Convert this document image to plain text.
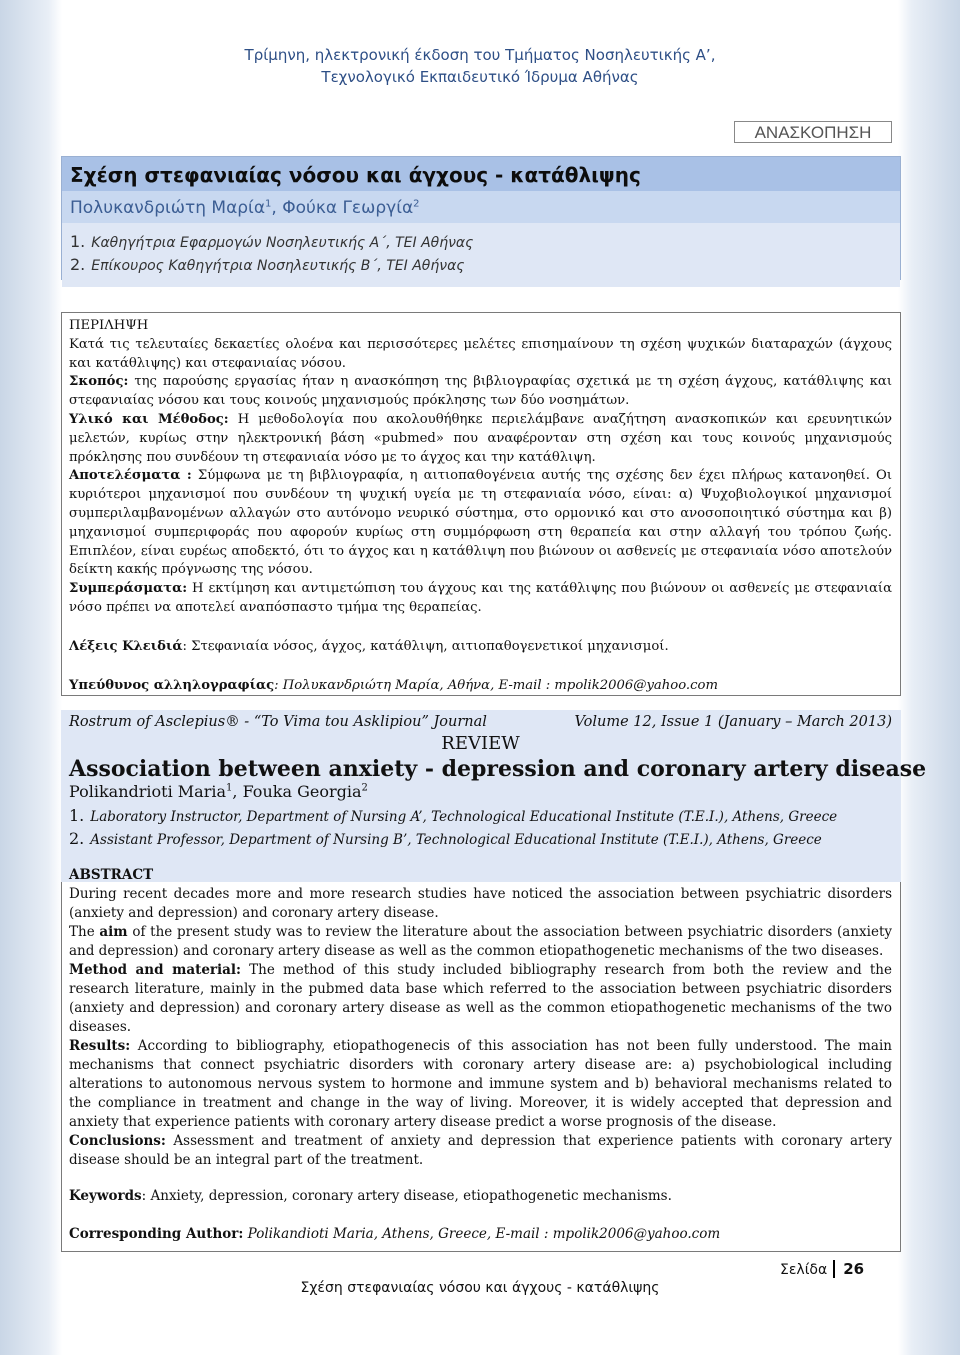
Τρίμηνη, ηλεκτρονική έκδοση του Τμήματος Νοσηλευτικής Α’,
Τεχνολογικό Εκπαιδευτικό Ίδρυμα Αθήνας
ΑΝΑΣΚΟΠΗΣΗ
Σχέση στεφανιαίας νόσου και άγχους - κατάθλιψης
Πολυκανδριώτη Μαρία$^1$, Φούκα Γεωργία$^2$
1. Καθηγήτρια Εφαρμογών Νοσηλευτικής Α΄, ΤΕΙ Αθήνας
2. Επίκουρος Καθηγήτρια Νοσηλευτικής Β΄, ΤΕΙ Αθήνας

ΠΕΡΙΛΗΨΗ

Κατά τις τελευταίες δεκαετίες ολοένα και περισσότερες μελέτες επισημαίνουν τη σχέση ψυχικών διαταραχών (άγχους και κατάθλιψης) και στεφανιαίας νόσου.

Σκοπός: της παρούσης εργασίας ήταν η ανασκόπηση της βιβλιογραφίας σχετικά με τη σχέση άγχους, κατάθλιψης και στεφανιαίας νόσου και τους κοινούς μηχανισμούς πρόκλησης των δύο νοσημάτων.

Υλικό και Μέθοδος: Η μεθοδολογία που ακολουθήθηκε περιελάμβανε αναζήτηση ανασκοπικών και ερευνητικών μελετών, κυρίως στην ηλεκτρονική βάση «pubmed» που αναφέρονταν στη σχέση και τους κοινούς μηχανισμούς πρόκλησης που συνδέουν τη στεφανιαία νόσο με το άγχος και την κατάθλιψη.

Αποτελέσματα : Σύμφωνα με τη βιβλιογραφία, η αιτιοπαθογένεια αυτής της σχέσης δεν έχει πλήρως κατανοηθεί. Οι κυριότεροι μηχανισμοί που συνδέουν τη ψυχική υγεία με τη στεφανιαία νόσο, είναι: α) Ψυχοβιολογικοί μηχανισμοί συμπεριλαμβανομένων αλλαγών στο αυτόνομο νευρικό σύστημα, στο ορμονικό και στο ανοσοποιητικό σύστημα και β) μηχανισμοί συμπεριφοράς που αφορούν κυρίως στη συμμόρφωση στη θεραπεία και στην αλλαγή του τρόπου ζωής. Επιπλέον, είναι ευρέως αποδεκτό, ότι το άγχος και η κατάθλιψη που βιώνουν οι ασθενείς με στεφανιαία νόσο αποτελούν δείκτη κακής πρόγνωσης της νόσου.

Συμπεράσματα: Η εκτίμηση και αντιμετώπιση του άγχους και της κατάθλιψης που βιώνουν οι ασθενείς με στεφανιαία νόσο πρέπει να αποτελεί αναπόσπαστο τμήμα της θεραπείας.

Λέξεις Κλειδιά: Στεφανιαία νόσος, άγχος, κατάθλιψη, αιτιοπαθογενετικοί μηχανισμοί.
Υπεύθυνος αλληλογραφίας: Πολυκανδριώτη Μαρία, Αθήνα, E-mail : mpolik2006@yahoo.com
Rostrum of Asclepius® - “To Vima tou Asklipiou” Journal	Volume 12, Issue 1 (January – March 2013)
REVIEW
Association between anxiety - depression and coronary artery disease
Polikandrioti Maria$^1$, Fouka Georgia$^2$
1. Laboratory Instructor, Department of Nursing A’, Technological Educational Institute (T.E.I.), Athens, Greece
2. Assistant Professor, Department of Nursing B’, Technological Educational Institute (T.E.I.), Athens, Greece

ABSTRACT

During recent decades more and more research studies have noticed the association between psychiatric disorders (anxiety and depression) and coronary artery disease.

The aim of the present study was to review the literature about the association between psychiatric disorders (anxiety and depression) and coronary artery disease as well as the common etiopathogenetic mechanisms of the two diseases.

Method and material: The method of this study included bibliography research from both the review and the research literature, mainly in the pubmed data base which referred to the association between psychiatric disorders (anxiety and depression) and coronary artery disease as well as the common etiopathogenetic mechanisms of the two diseases.

Results: According to bibliography, etiopathogenecis of this association has not been fully understood. The main mechanisms that connect psychiatric disorders with coronary artery disease are: a) psychobiological including alterations to autonomous nervous system to hormone and immune system and b) behavioral mechanisms related to the compliance in treatment and change in the way of living. Moreover, it is widely accepted that depression and anxiety that experience patients with coronary artery disease predict a worse prognosis of the disease.

Conclusions: Assessment and treatment of anxiety and depression that experience patients with coronary artery disease should be an integral part of the treatment.

Keywords: Anxiety, depression, coronary artery disease, etiopathogenetic mechanisms.
Corresponding Author: Polikandioti Maria, Athens, Greece, E-mail : mpolik2006@yahoo.com
Σελίδα 26
Σχέση στεφανιαίας νόσου και άγχους - κατάθλιψης
